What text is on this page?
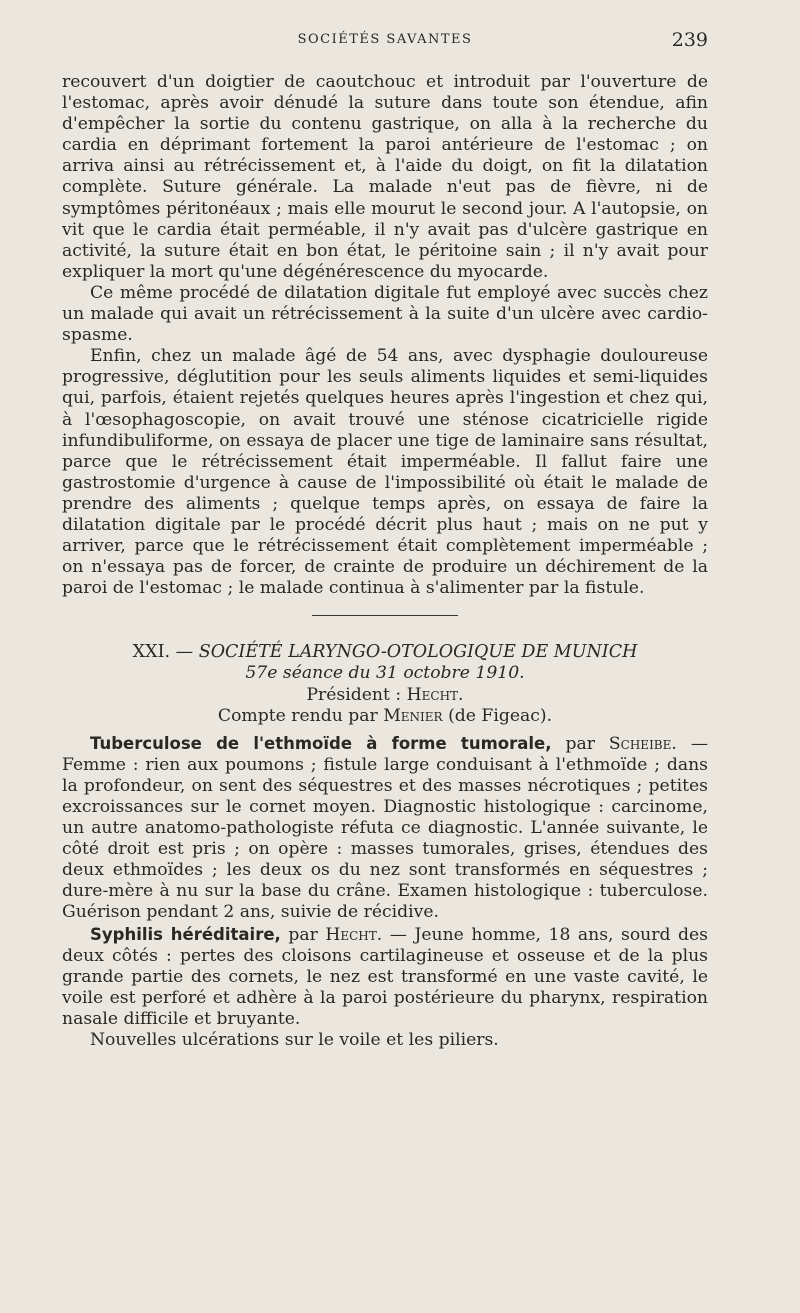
SOCIÉTÉS SAVANTES	239

recouvert d'un doigtier de caoutchouc et introduit par l'ouverture de l'estomac, après avoir dénudé la suture dans toute son étendue, afin d'empêcher la sortie du contenu gastrique, on alla à la recherche du cardia en déprimant fortement la paroi antérieure de l'estomac ; on arriva ainsi au rétrécissement et, à l'aide du doigt, on fit la dilatation complète. Suture générale. La malade n'eut pas de fièvre, ni de symptômes péritonéaux ; mais elle mourut le second jour. A l'autopsie, on vit que le cardia était perméable, il n'y avait pas d'ulcère gastrique en activité, la suture était en bon état, le péritoine sain ; il n'y avait pour expliquer la mort qu'une dégénérescence du myocarde.

Ce même procédé de dilatation digitale fut employé avec succès chez un malade qui avait un rétrécissement à la suite d'un ulcère avec cardio-spasme.

Enfin, chez un malade âgé de 54 ans, avec dysphagie douloureuse progressive, déglutition pour les seuls aliments liquides et semi-liquides qui, parfois, étaient rejetés quelques heures après l'ingestion et chez qui, à l'œsophagoscopie, on avait trouvé une sténose cicatricielle rigide infundibuliforme, on essaya de placer une tige de laminaire sans résultat, parce que le rétrécissement était imperméable. Il fallut faire une gastrostomie d'urgence à cause de l'impossibilité où était le malade de prendre des aliments ; quelque temps après, on essaya de faire la dilatation digitale par le procédé décrit plus haut ; mais on ne put y arriver, parce que le rétrécissement était complètement imperméable ; on n'essaya pas de forcer, de crainte de produire un déchirement de la paroi de l'estomac ; le malade continua à s'alimenter par la fistule.

XXI. — SOCIÉTÉ LARYNGO-OTOLOGIQUE DE MUNICH

57e séance du 31 octobre 1910.

Président : Hecht.

Compte rendu par Menier (de Figeac).

Tuberculose de l'ethmoïde à forme tumorale, par Scheibe. — Femme : rien aux poumons ; fistule large conduisant à l'ethmoïde ; dans la profondeur, on sent des séquestres et des masses nécrotiques ; petites excroissances sur le cornet moyen. Diagnostic histologique : carcinome, un autre anatomo-pathologiste réfuta ce diagnostic. L'année suivante, le côté droit est pris ; on opère : masses tumorales, grises, étendues des deux ethmoïdes ; les deux os du nez sont transformés en séquestres ; dure-mère à nu sur la base du crâne. Examen histologique : tuberculose. Guérison pendant 2 ans, suivie de récidive.

Syphilis héréditaire, par Hecht. — Jeune homme, 18 ans, sourd des deux côtés : pertes des cloisons cartilagineuse et osseuse et de la plus grande partie des cornets, le nez est transformé en une vaste cavité, le voile est perforé et adhère à la paroi postérieure du pharynx, respiration nasale difficile et bruyante.

Nouvelles ulcérations sur le voile et les piliers.
